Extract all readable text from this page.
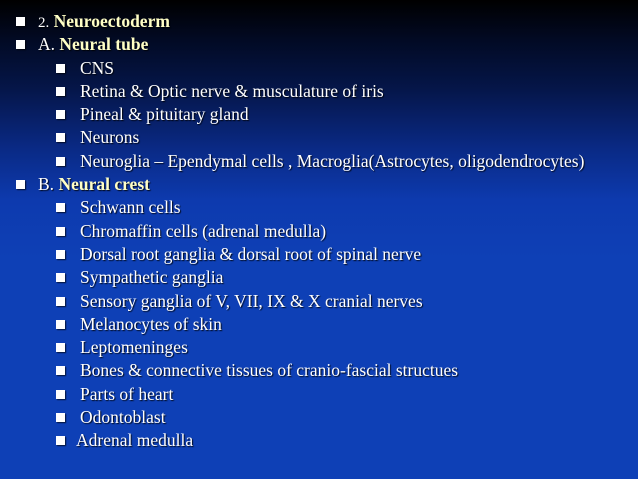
2. Neuroectoderm
A. Neural tube
CNS
Retina & Optic nerve & musculature of iris
Pineal & pituitary gland
Neurons
Neuroglia – Ependymal cells , Macroglia(Astrocytes, oligodendrocytes)
B. Neural crest
Schwann cells
Chromaffin cells (adrenal medulla)
Dorsal root ganglia & dorsal root of spinal nerve
Sympathetic ganglia
Sensory ganglia of V, VII, IX & X cranial nerves
Melanocytes of skin
Leptomeninges
Bones & connective tissues of cranio-fascial structues
Parts of heart
Odontoblast
Adrenal medulla
